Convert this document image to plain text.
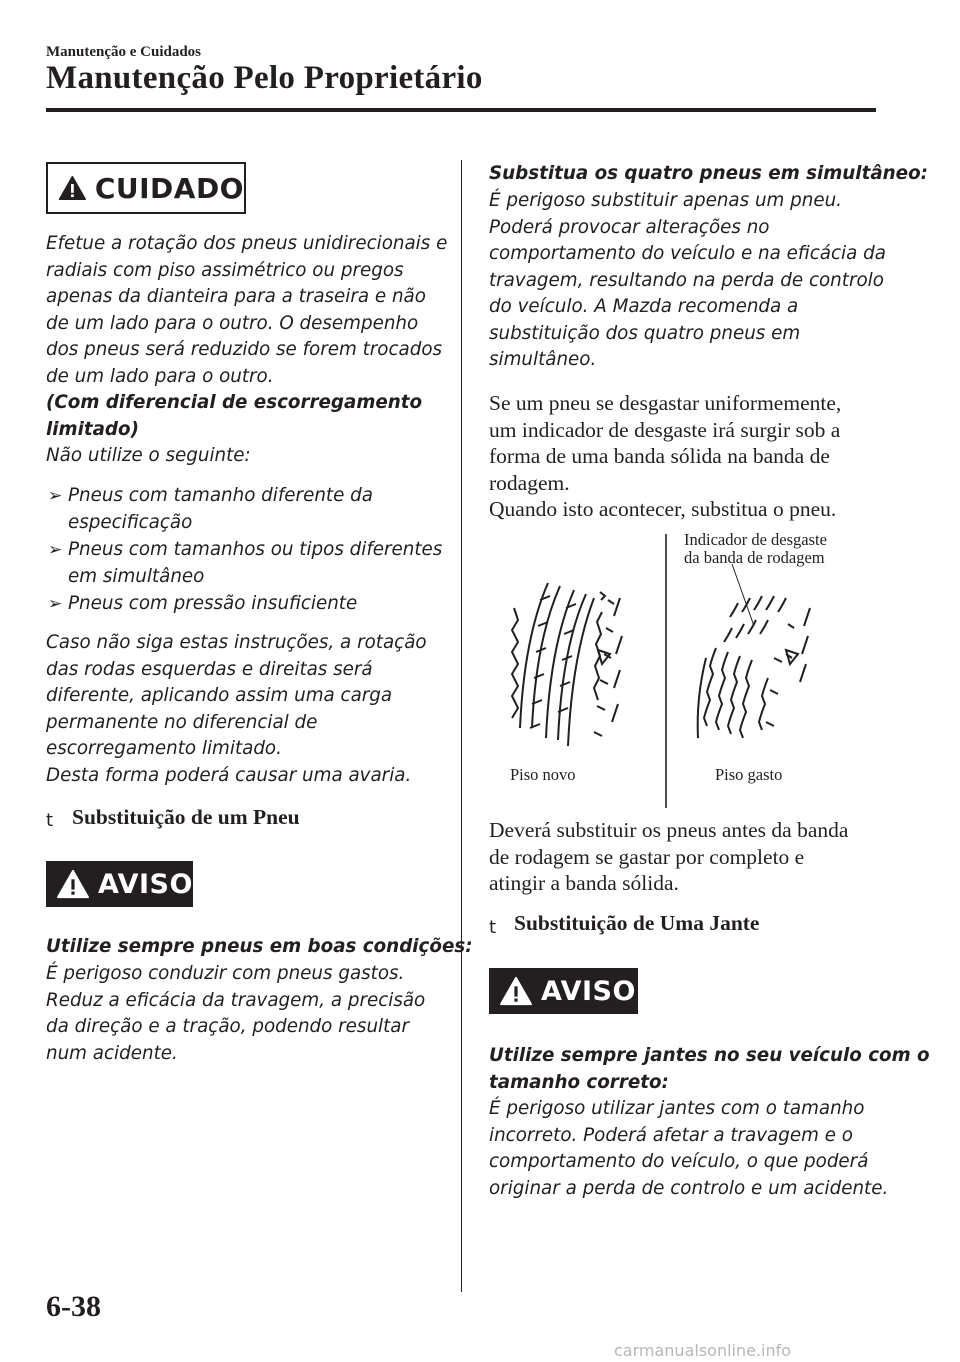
Manutenção e Cuidados
Manutenção Pelo Proprietário
CUIDADO
Efetue a rotação dos pneus unidirecionais e
radiais com piso assimétrico ou pregos
apenas da dianteira para a traseira e não
de um lado para o outro. O desempenho
dos pneus será reduzido se forem trocados
de um lado para o outro.
(Com diferencial de escorregamento
limitado)
Não utilize o seguinte:
➢ Pneus com tamanho diferente da
especificação
➢ Pneus com tamanhos ou tipos diferentes
em simultâneo
➢ Pneus com pressão insuficiente
Caso não siga estas instruções, a rotação
das rodas esquerdas e direitas será
diferente, aplicando assim uma carga
permanente no diferencial de
escorregamento limitado.
Desta forma poderá causar uma avaria.
t Substituição de um Pneu
AVISO
Utilize sempre pneus em boas condições:
É perigoso conduzir com pneus gastos.
Reduz a eficácia da travagem, a precisão
da direção e a tração, podendo resultar
num acidente.
Substitua os quatro pneus em simultâneo:
É perigoso substituir apenas um pneu.
Poderá provocar alterações no
comportamento do veículo e na eficácia da
travagem, resultando na perda de controlo
do veículo. A Mazda recomenda a
substituição dos quatro pneus em
simultâneo.
Se um pneu se desgastar uniformemente,
um indicador de desgaste irá surgir sob a
forma de uma banda sólida na banda de
rodagem.
Quando isto acontecer, substitua o pneu.
Indicador de desgaste
da banda de rodagem
Piso novo	Piso gasto
Deverá substituir os pneus antes da banda
de rodagem se gastar por completo e
atingir a banda sólida.
t Substituição de Uma Jante
AVISO
Utilize sempre jantes no seu veículo com o
tamanho correto:
É perigoso utilizar jantes com o tamanho
incorreto. Poderá afetar a travagem e o
comportamento do veículo, o que poderá
originar a perda de controlo e um acidente.
6-38
carmanualsonline.info
